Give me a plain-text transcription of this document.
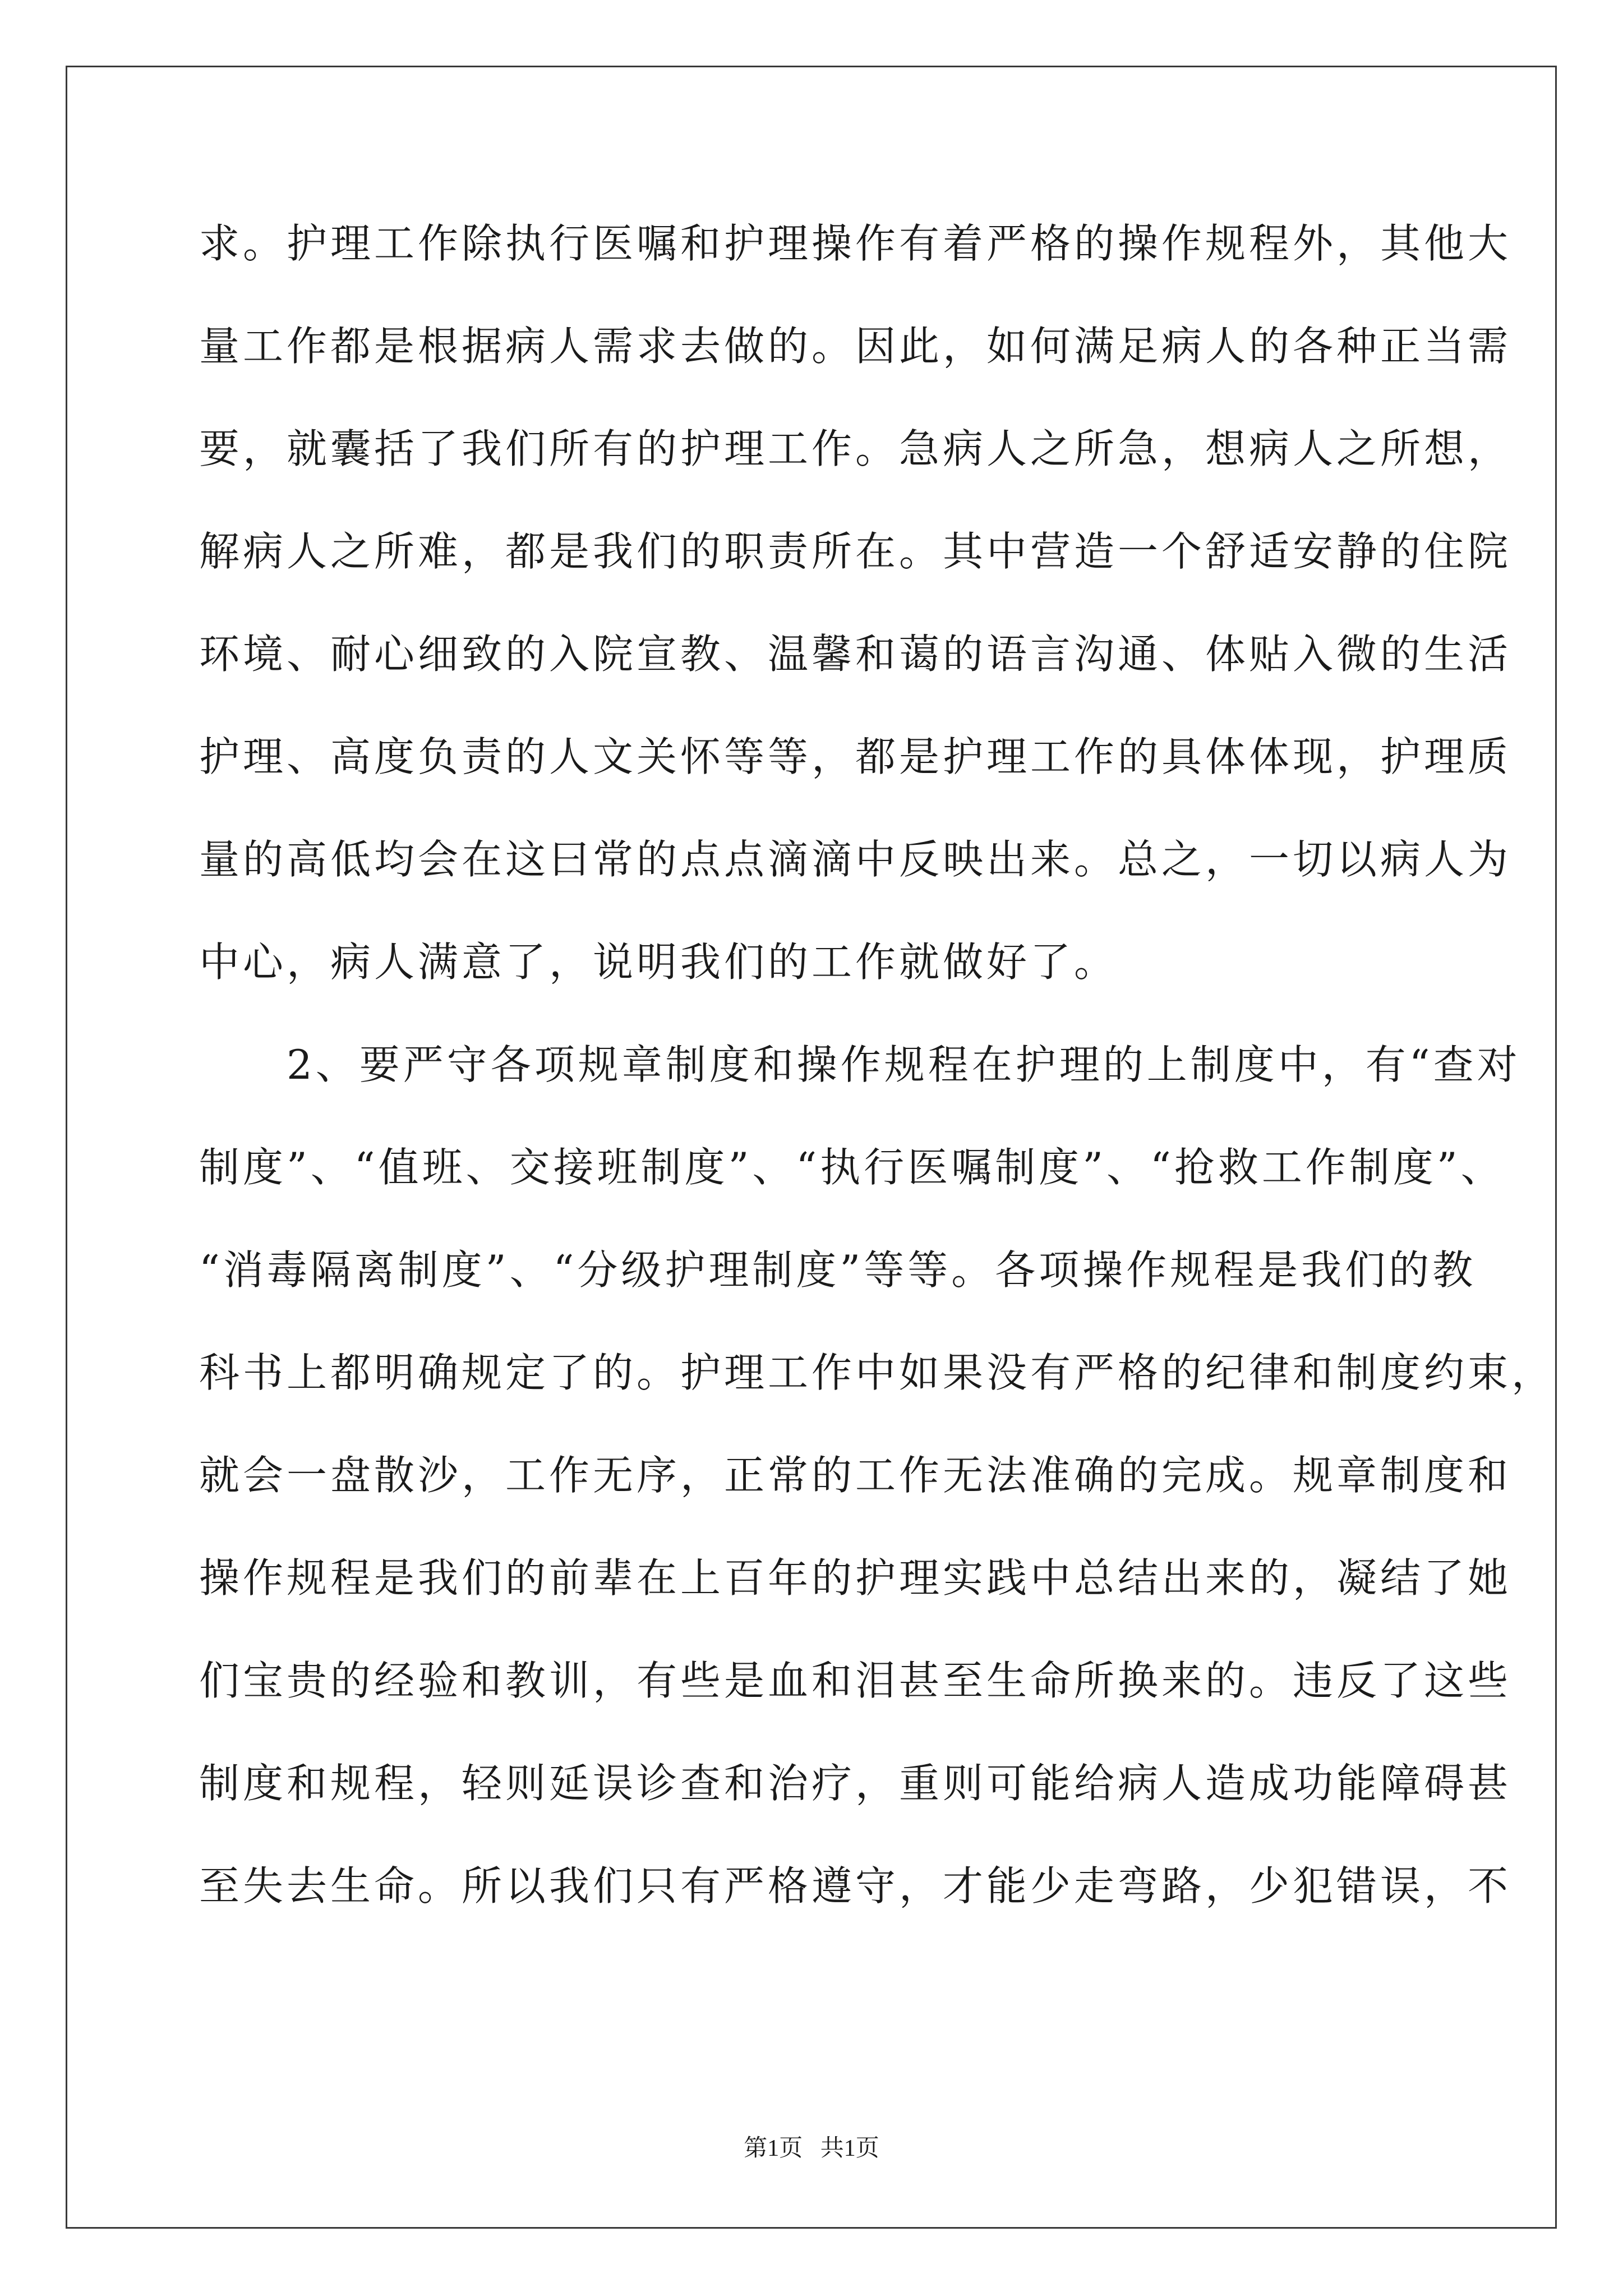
求。护理工作除执行医嘱和护理操作有着严格的操作规程外，其他大
量工作都是根据病人需求去做的。因此，如何满足病人的各种正当需
要，就囊括了我们所有的护理工作。急病人之所急，想病人之所想，
解病人之所难，都是我们的职责所在。其中营造一个舒适安静的住院
环境、耐心细致的入院宣教、温馨和蔼的语言沟通、体贴入微的生活
护理、高度负责的人文关怀等等，都是护理工作的具体体现，护理质
量的高低均会在这曰常的点点滴滴中反映出来。总之，一切以病人为
中心，病人满意了，说明我们的工作就做好了。
　　2、要严守各项规章制度和操作规程在护理的上制度中，有“查对
制度”、“值班、交接班制度”、“执行医嘱制度”、“抢救工作制度”、
“消毒隔离制度”、“分级护理制度”等等。各项操作规程是我们的教
科书上都明确规定了的。护理工作中如果没有严格的纪律和制度约束，
就会一盘散沙，工作无序，正常的工作无法准确的完成。规章制度和
操作规程是我们的前辈在上百年的护理实践中总结出来的，凝结了她
们宝贵的经验和教训，有些是血和泪甚至生命所换来的。违反了这些
制度和规程，轻则延误诊查和治疗，重则可能给病人造成功能障碍甚
至失去生命。所以我们只有严格遵守，才能少走弯路，少犯错误，不
第1页   共1页
